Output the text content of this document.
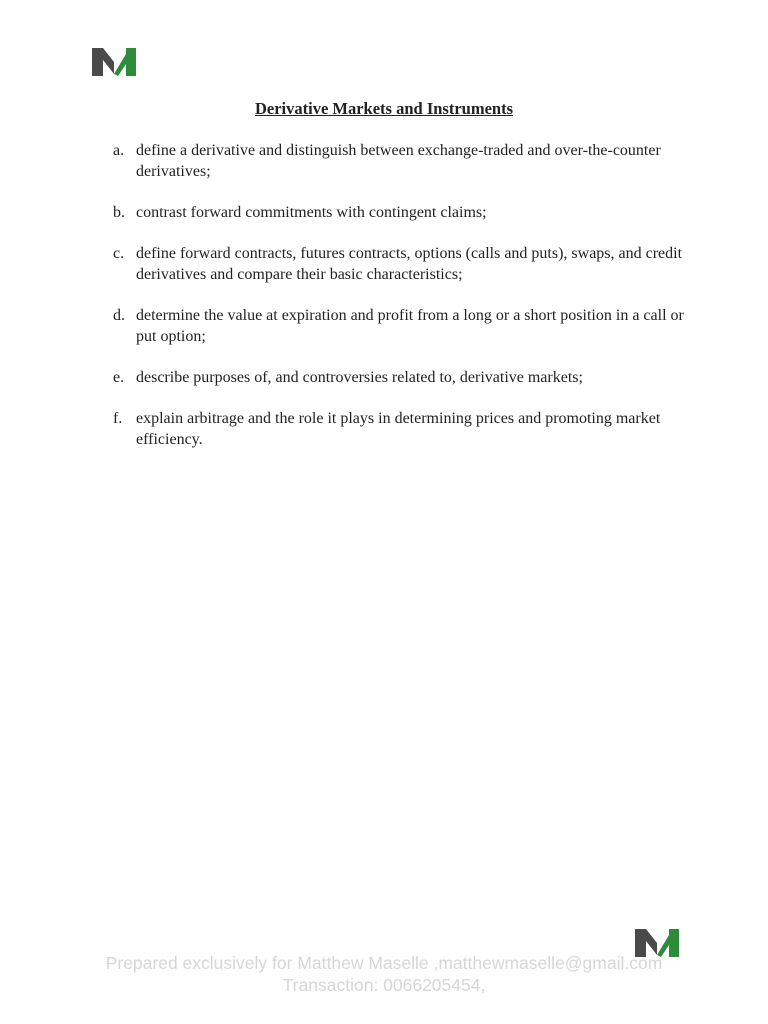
Derivative Markets and Instruments
a. define a derivative and distinguish between exchange-traded and over-the-counter derivatives;
b. contrast forward commitments with contingent claims;
c. define forward contracts, futures contracts, options (calls and puts), swaps, and credit derivatives and compare their basic characteristics;
d. determine the value at expiration and profit from a long or a short position in a call or put option;
e. describe purposes of, and controversies related to, derivative markets;
f. explain arbitrage and the role it plays in determining prices and promoting market efficiency.
Prepared exclusively for Matthew Maselle ,matthewmaselle@gmail.com
Transaction: 0066205454,
